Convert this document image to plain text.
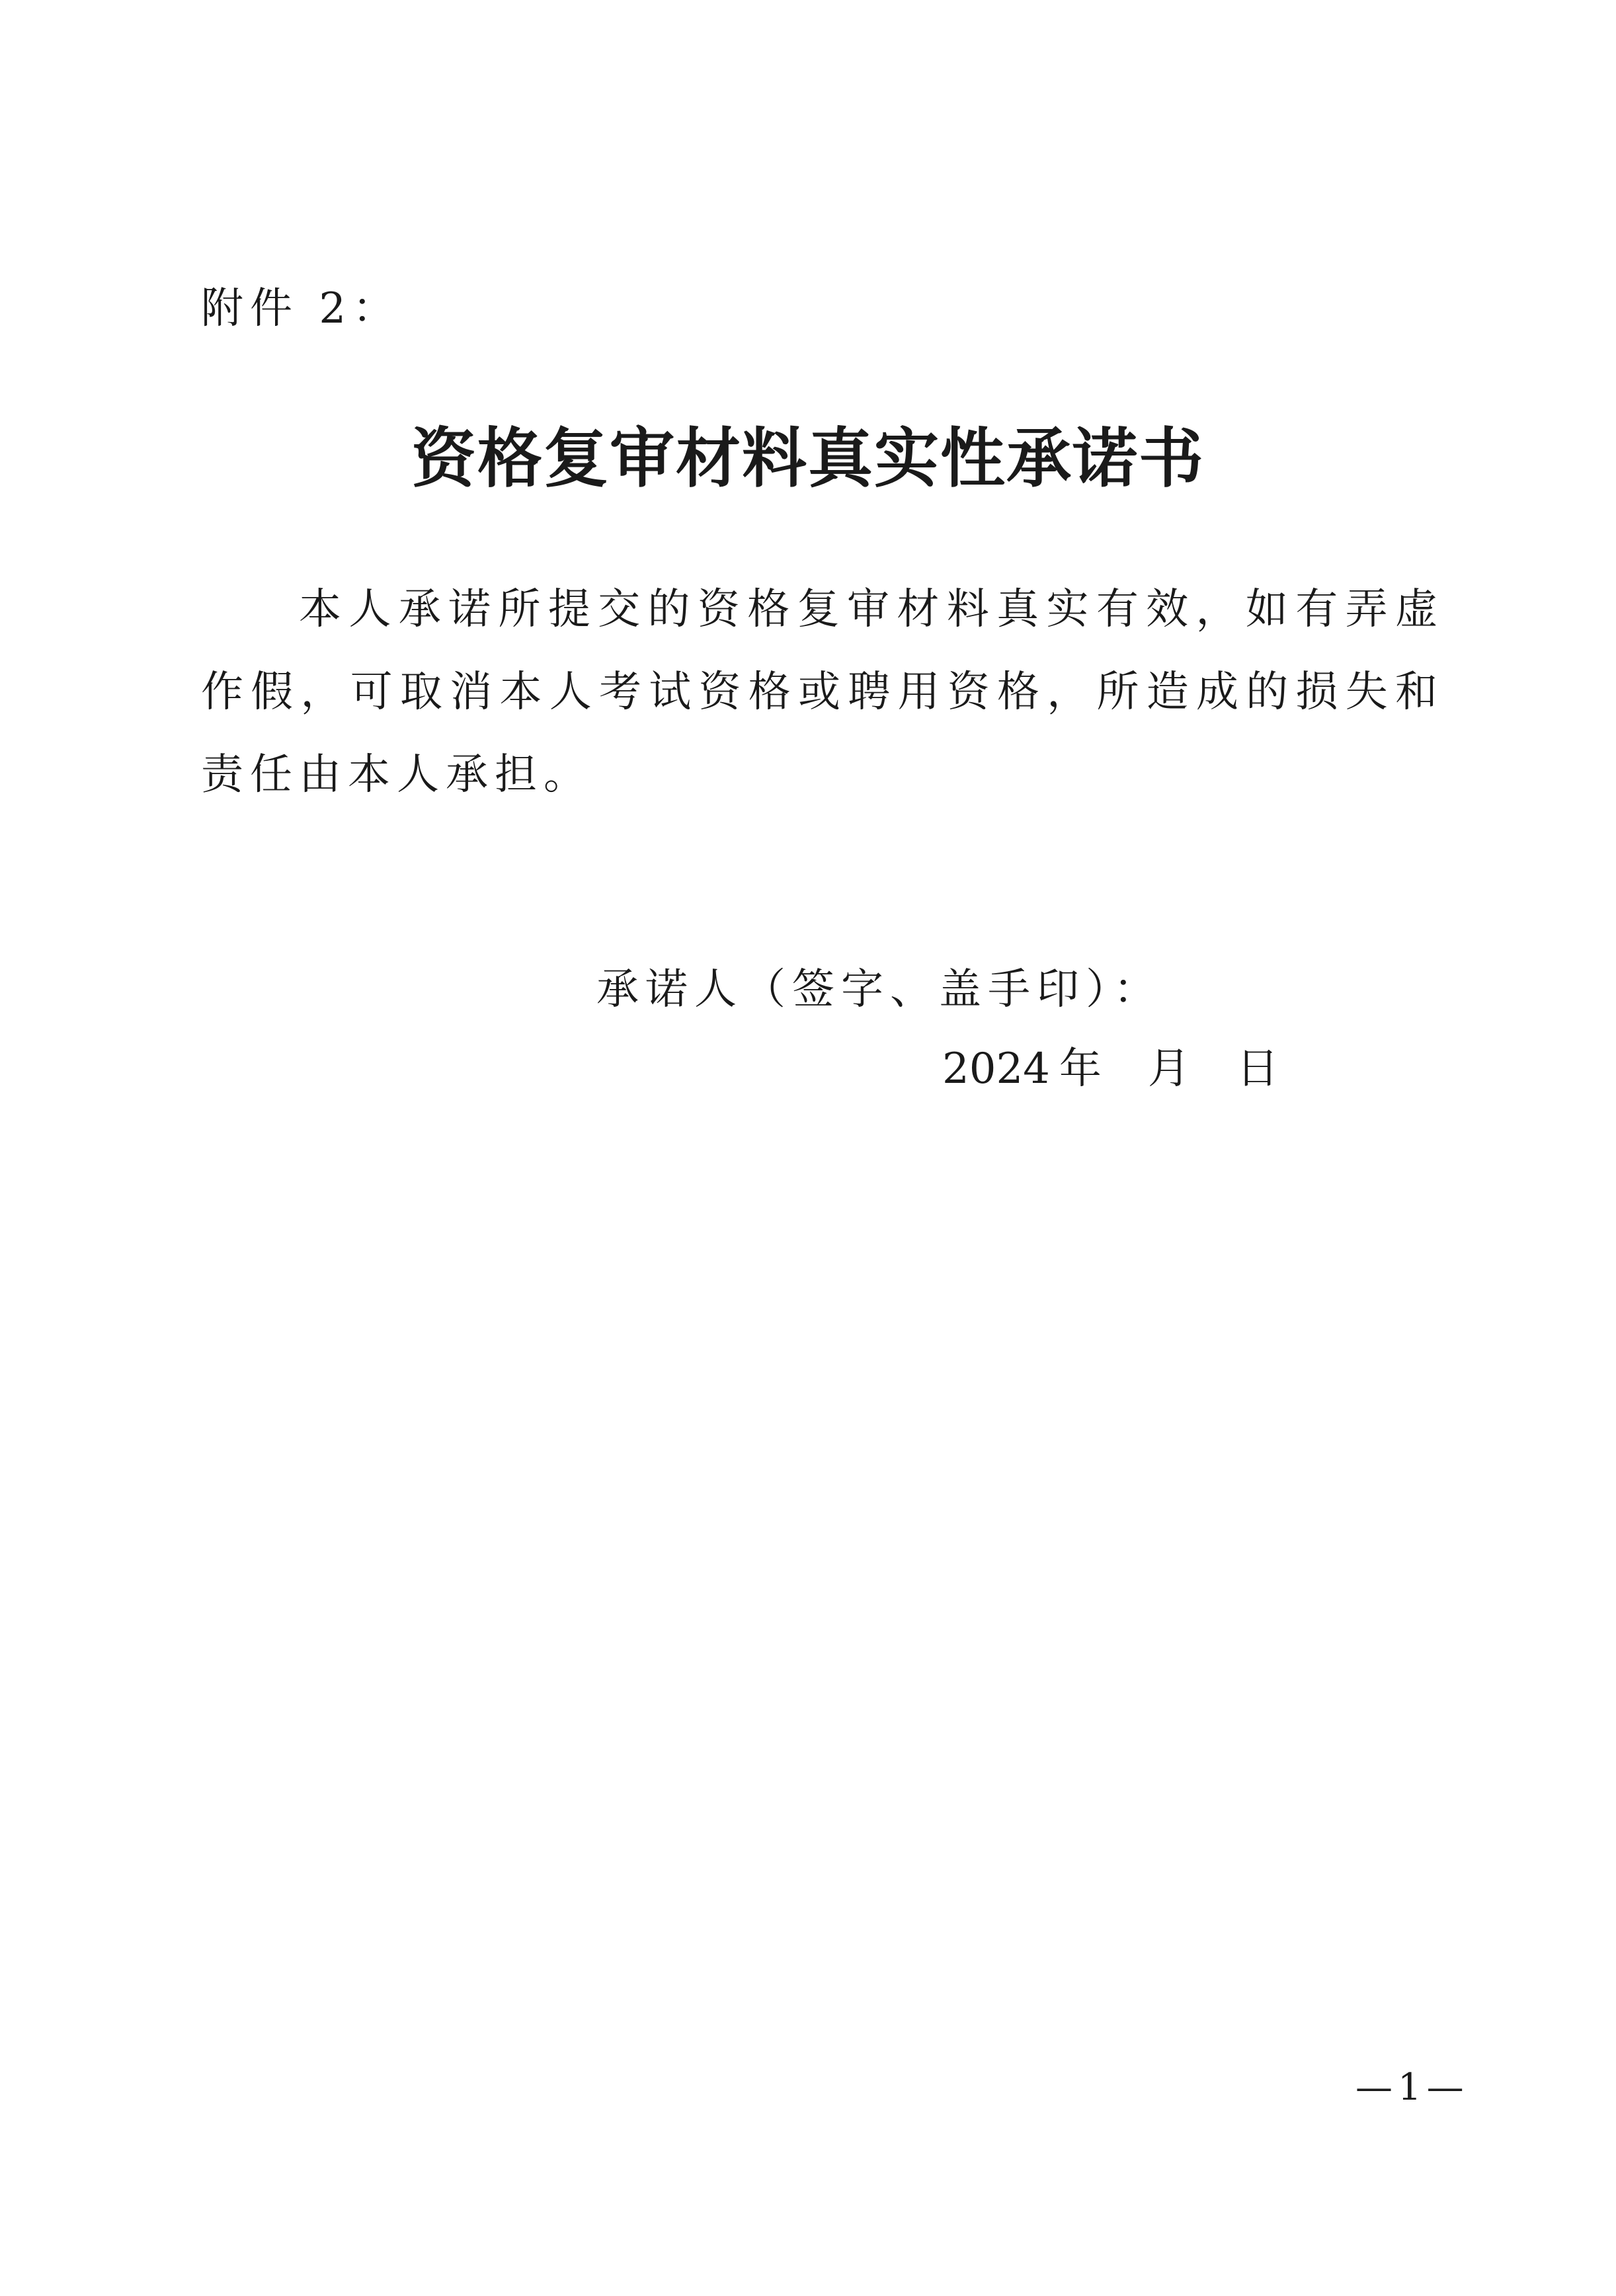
附件 2：
资格复审材料真实性承诺书
本人承诺所提交的资格复审材料真实有效，如有弄虚作假，可取消本人考试资格或聘用资格，所造成的损失和责任由本人承担。
承诺人（签字、盖手印）：
2024 年 月 日
—1—
